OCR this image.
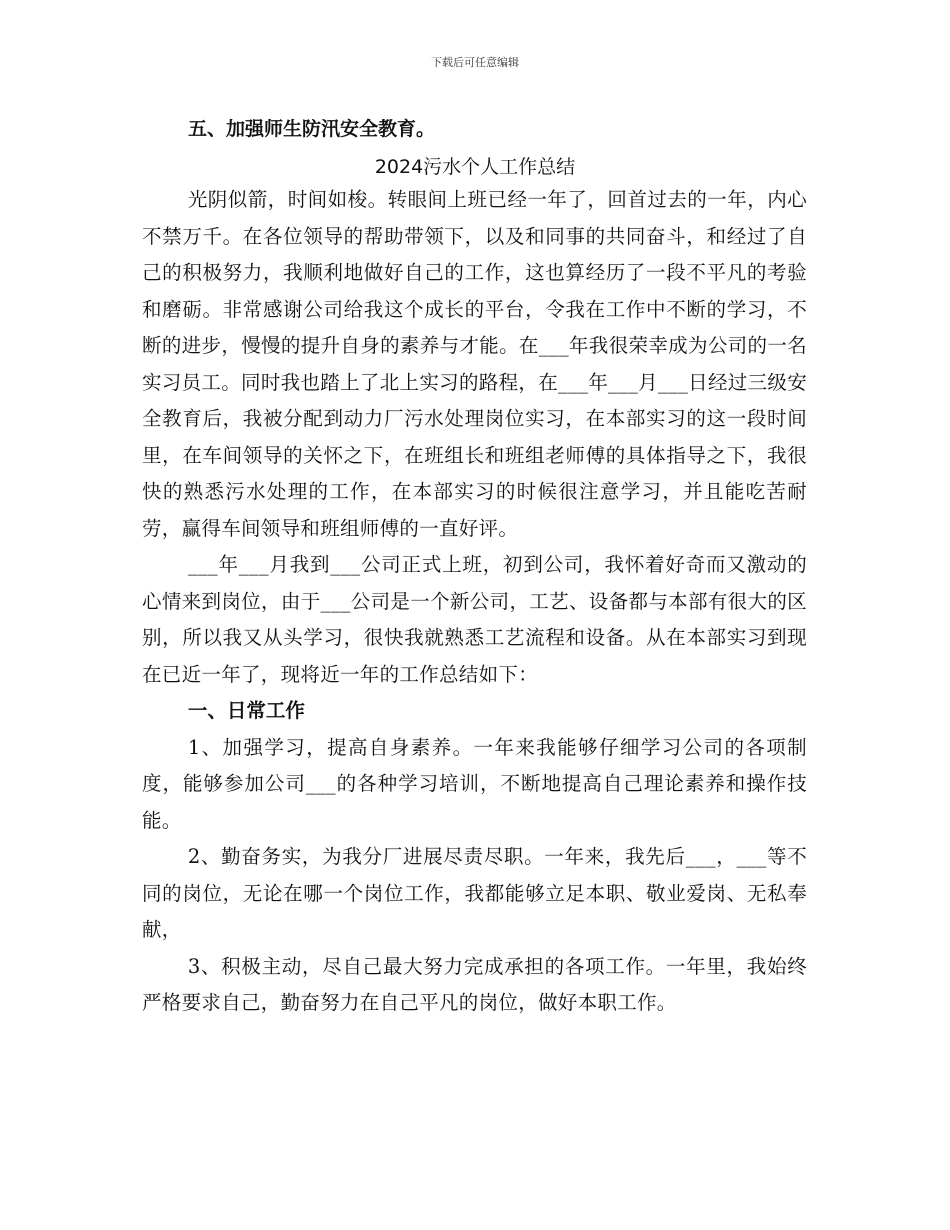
下载后可任意编辑
五、加强师生防汛安全教育。
2024污水个人工作总结

光阴似箭，时间如梭。转眼间上班已经一年了，回首过去的一年，内心不禁万千。在各位领导的帮助带领下，以及和同事的共同奋斗，和经过了自己的积极努力，我顺利地做好自己的工作，这也算经历了一段不平凡的考验和磨砺。非常感谢公司给我这个成长的平台，令我在工作中不断的学习，不断的进步，慢慢的提升自身的素养与才能。在___年我很荣幸成为公司的一名实习员工。同时我也踏上了北上实习的路程，在___年___月___日经过三级安全教育后，我被分配到动力厂污水处理岗位实习，在本部实习的这一段时间里，在车间领导的关怀之下，在班组长和班组老师傅的具体指导之下，我很快的熟悉污水处理的工作，在本部实习的时候很注意学习，并且能吃苦耐劳，赢得车间领导和班组师傅的一直好评。

___年___月我到___公司正式上班，初到公司，我怀着好奇而又激动的心情来到岗位，由于___公司是一个新公司，工艺、设备都与本部有很大的区别，所以我又从头学习，很快我就熟悉工艺流程和设备。从在本部实习到现在已近一年了，现将近一年的工作总结如下：

一、日常工作

1、加强学习，提高自身素养。一年来我能够仔细学习公司的各项制度，能够参加公司___的各种学习培训，不断地提高自己理论素养和操作技能。

2、勤奋务实，为我分厂进展尽责尽职。一年来，我先后___，___等不同的岗位，无论在哪一个岗位工作，我都能够立足本职、敬业爱岗、无私奉献，

3、积极主动，尽自己最大努力完成承担的各项工作。一年里，我始终严格要求自己，勤奋努力在自己平凡的岗位，做好本职工作。
